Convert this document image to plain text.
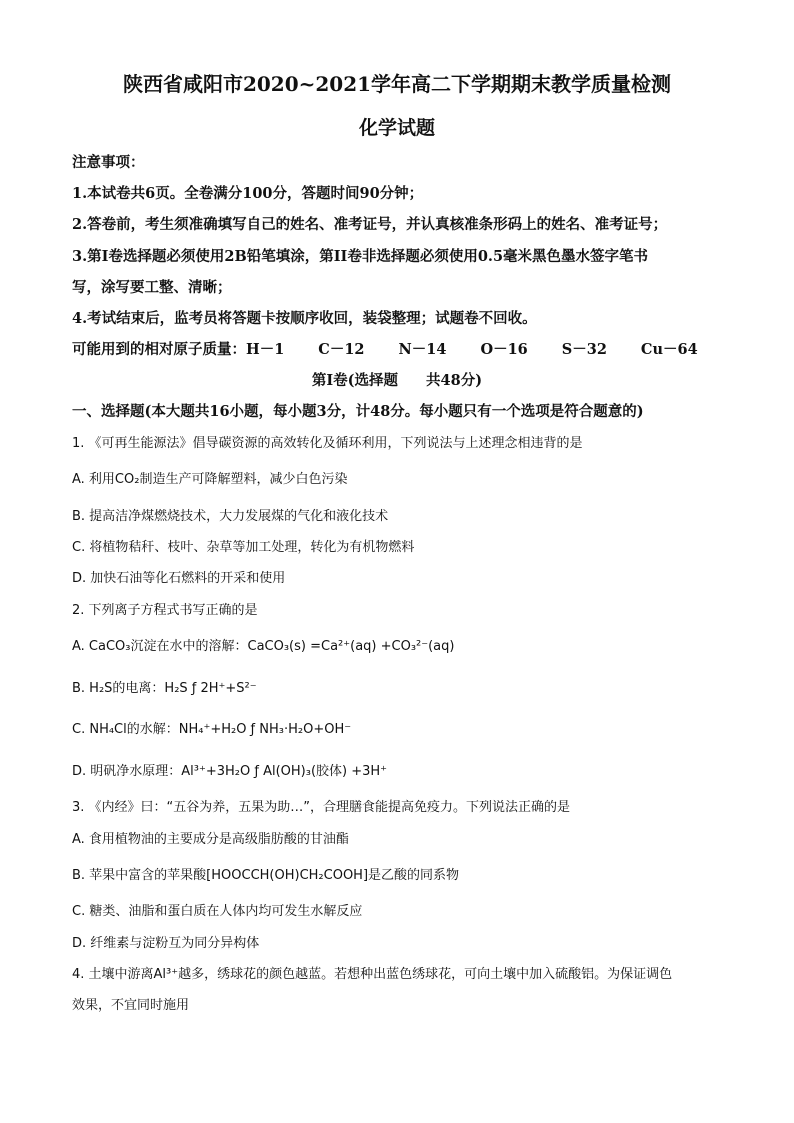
陕西省咸阳市2020~2021学年高二下学期期末教学质量检测
化学试题
注意事项：
1.本试卷共6页。全卷满分100分，答题时间90分钟；
2.答卷前，考生须准确填写自己的姓名、准考证号，并认真核准条形码上的姓名、准考证号；
3.第I卷选择题必须使用2B铅笔填涂，第II卷非选择题必须使用0.5毫米黑色墨水签字笔书
写，涂写要工整、清晰；
4.考试结束后，监考员将答题卡按顺序收回，装袋整理；试题卷不回收。
可能用到的相对原子质量：H－1 C－12 N－14 O－16 S－32 Cu－64
第I卷(选择题 共48分)
一、选择题(本大题共16小题，每小题3分，计48分。每小题只有一个选项是符合题意的)
1. 《可再生能源法》倡导碳资源的高效转化及循环利用，下列说法与上述理念相违背的是
A. 利用CO₂制造生产可降解塑料，减少白色污染
B. 提高洁净煤燃烧技术，大力发展煤的气化和液化技术
C. 将植物秸秆、枝叶、杂草等加工处理，转化为有机物燃料
D. 加快石油等化石燃料的开采和使用
2. 下列离子方程式书写正确的是
A. CaCO₃沉淀在水中的溶解：CaCO₃(s) =Ca²⁺(aq) +CO₃²⁻(aq)
B. H₂S的电离：H₂S ƒ 2H⁺+S²⁻
C. NH₄Cl的水解：NH₄⁺+H₂O ƒ NH₃·H₂O+OH⁻
D. 明矾净水原理：Al³⁺+3H₂O ƒ Al(OH)₃(胶体) +3H⁺
3. 《内经》曰：“五谷为养，五果为助…”，合理膳食能提高免疫力。下列说法正确的是
A. 食用植物油的主要成分是高级脂肪酸的甘油酯
B. 苹果中富含的苹果酸[HOOCCH(OH)CH₂COOH]是乙酸的同系物
C. 糖类、油脂和蛋白质在人体内均可发生水解反应
D. 纤维素与淀粉互为同分异构体
4. 土壤中游离Al³⁺越多，绣球花的颜色越蓝。若想种出蓝色绣球花，可向土壤中加入硫酸铝。为保证调色
效果，不宜同时施用
